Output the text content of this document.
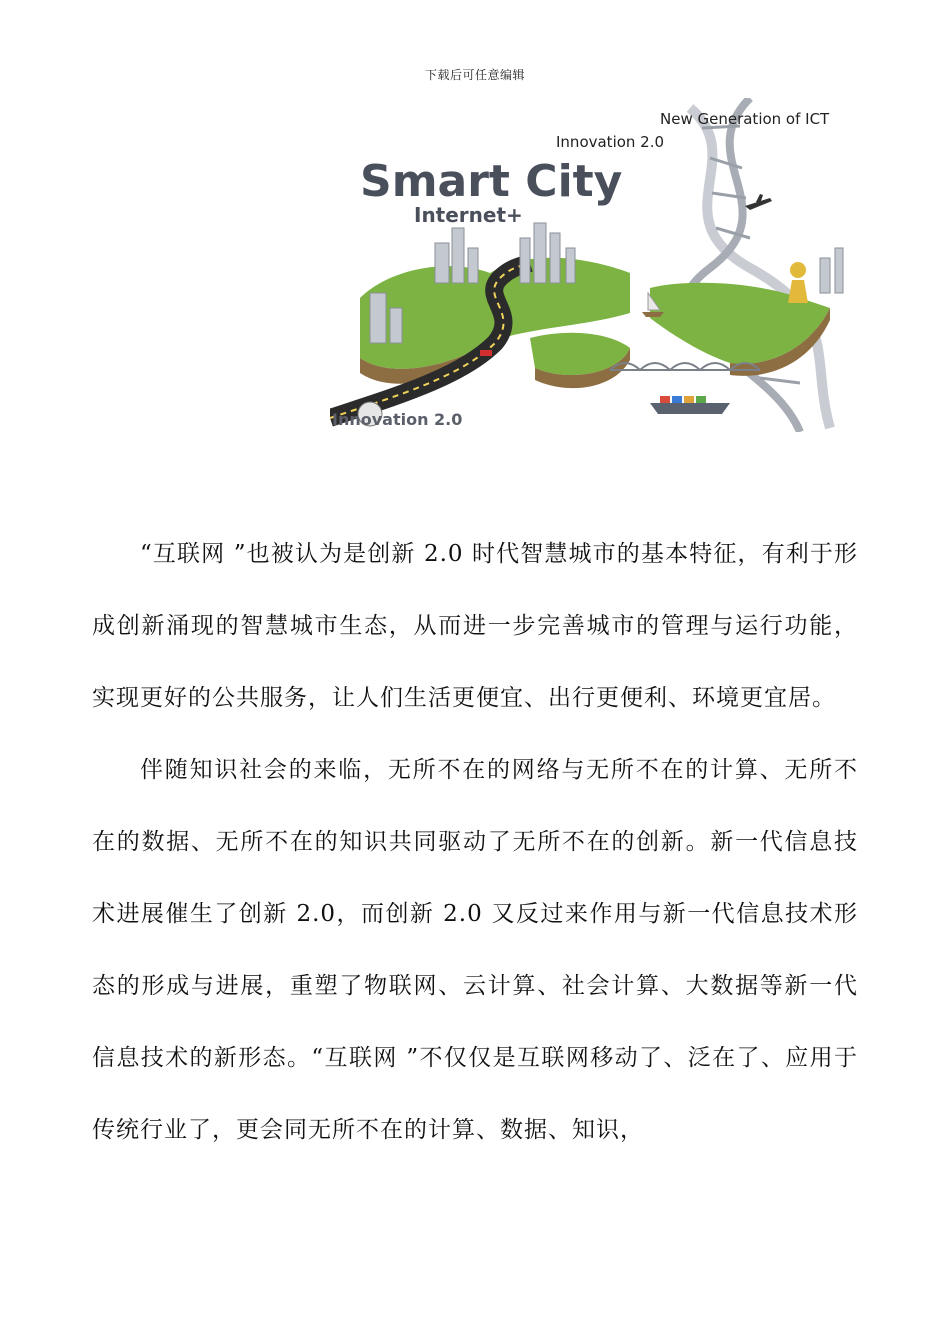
下载后可任意编辑
New Generation of ICT
Innovation 2.0
Smart City
Internet+
Innovation 2.0

“互联网 ”也被认为是创新 2.0 时代智慧城市的基本特征，有利于形成创新涌现的智慧城市生态，从而进一步完善城市的管理与运行功能，实现更好的公共服务，让人们生活更便宜、出行更便利、环境更宜居。

伴随知识社会的来临，无所不在的网络与无所不在的计算、无所不在的数据、无所不在的知识共同驱动了无所不在的创新。新一代信息技术进展催生了创新 2.0，而创新 2.0 又反过来作用与新一代信息技术形态的形成与进展，重塑了物联网、云计算、社会计算、大数据等新一代信息技术的新形态。“互联网 ”不仅仅是互联网移动了、泛在了、应用于传统行业了，更会同无所不在的计算、数据、知识，
